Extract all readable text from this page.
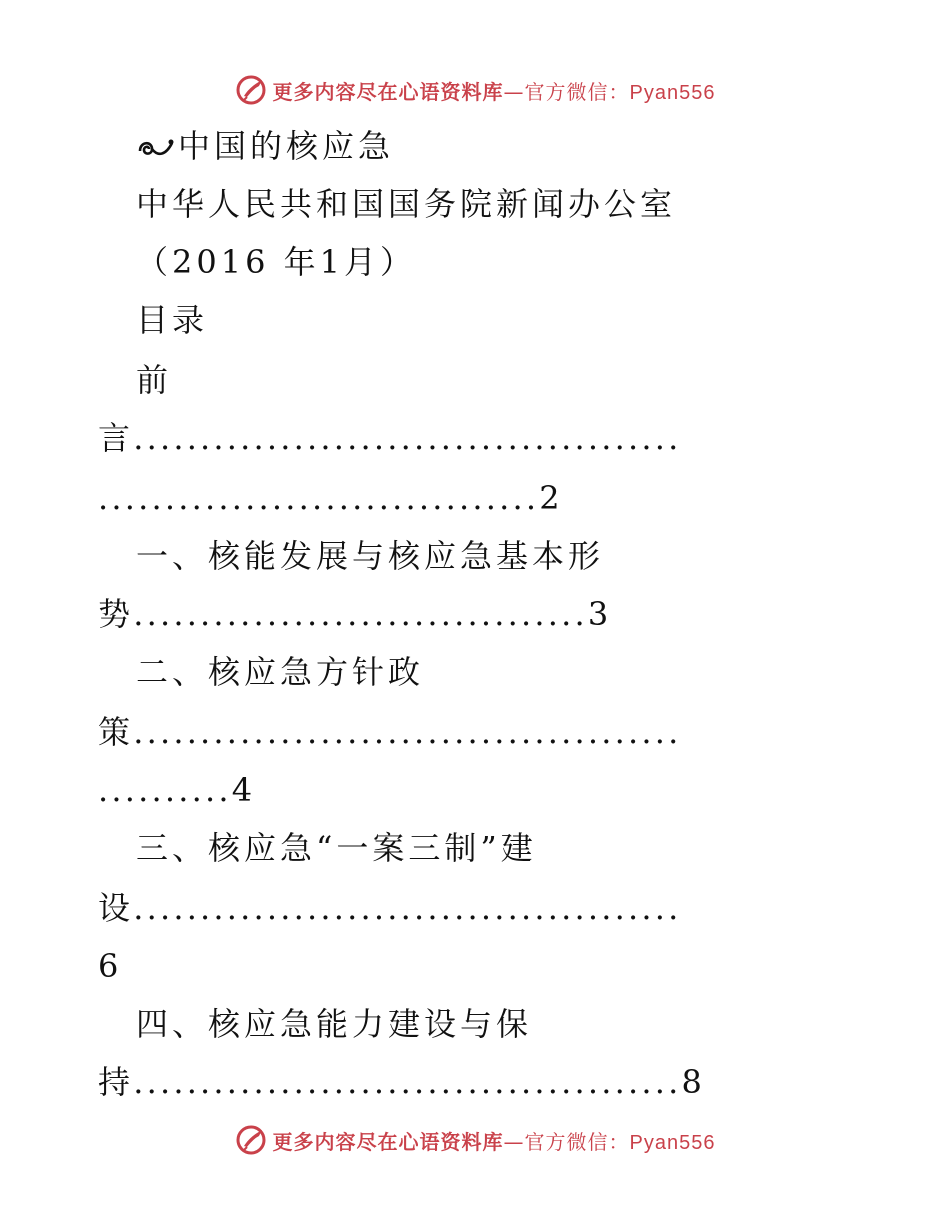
更多内容尽在心语资料库—官方微信：Pyan556
中国的核应急
中华人民共和国国务院新闻办公室
（2016 年1月）
目录
前
言.........................................
.................................2
一、核能发展与核应急基本形
势..................................3
二、核应急方针政
策.........................................
..........4
三、核应急“一案三制”建
设.........................................
6
四、核应急能力建设与保
持.........................................8
更多内容尽在心语资料库—官方微信：Pyan556
